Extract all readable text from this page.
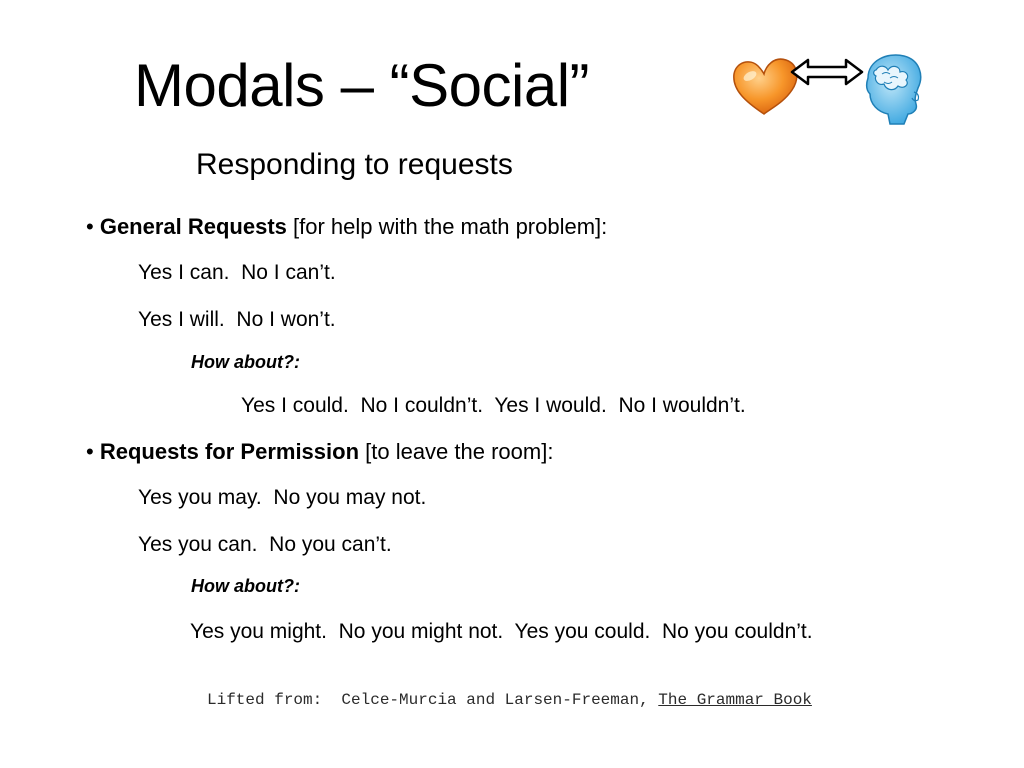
Modals – “Social”
Responding to requests
• General Requests [for help with the math problem]:
Yes I can.  No I can’t.
Yes I will.  No I won’t.
How about?:
Yes I could.  No I couldn’t.  Yes I would.  No I wouldn’t.
• Requests for Permission [to leave the room]:
Yes you may.  No you may not.
Yes you can.  No you can’t.
How about?:
Yes you might.  No you might not.  Yes you could.  No you couldn’t.
Lifted from:  Celce-Murcia and Larsen-Freeman, The Grammar Book
